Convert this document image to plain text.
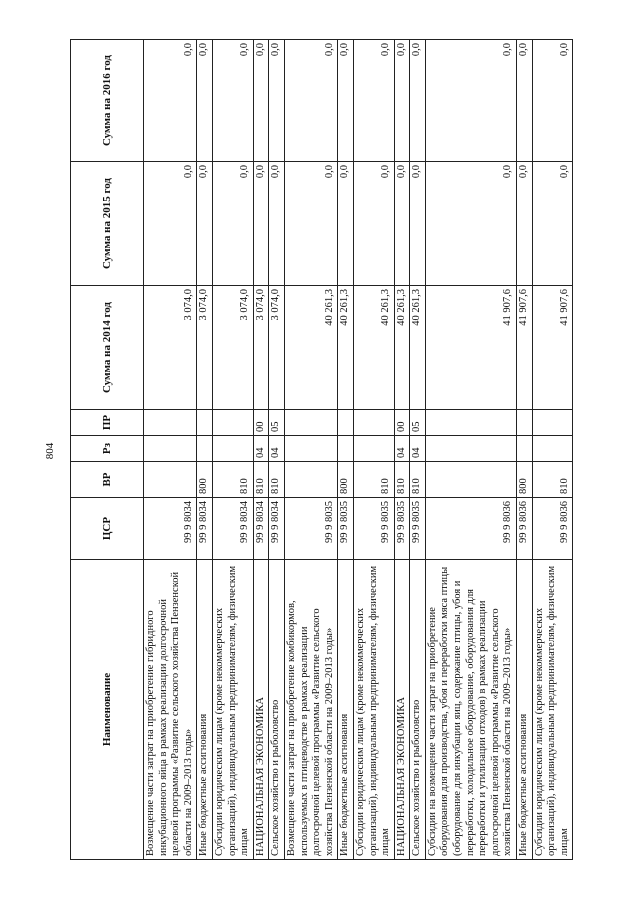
804
Наименование	ЦСР	ВР	Рз	ПР	Сумма на 2014 год	Сумма на 2015 год	Сумма на 2016 год
Возмещение части затрат на приобретение гибридного инкубационного яйца в рамках реализации долгосрочной целевой программы «Развитие сельского хозяйства Пензенской области на 2009–2013 годы»	99 9 8034				3 074,0	0,0	0,0
Иные бюджетные ассигнования	99 9 8034	800			3 074,0	0,0	0,0
Субсидии юридическим лицам (кроме некоммерческих организаций), индивидуальным предпринимателям, физическим лицам	99 9 8034	810			3 074,0	0,0	0,0
НАЦИОНАЛЬНАЯ ЭКОНОМИКА	99 9 8034	810	04	00	3 074,0	0,0	0,0
Сельское хозяйство и рыболовство	99 9 8034	810	04	05	3 074,0	0,0	0,0
Возмещение части затрат на приобретение комбикормов, используемых в птицеводстве в рамках реализации долгосрочной целевой программы «Развитие сельского хозяйства Пензенской области на 2009–2013 годы»	99 9 8035				40 261,3	0,0	0,0
Иные бюджетные ассигнования	99 9 8035	800			40 261,3	0,0	0,0
Субсидии юридическим лицам (кроме некоммерческих организаций), индивидуальным предпринимателям, физическим лицам	99 9 8035	810			40 261,3	0,0	0,0
НАЦИОНАЛЬНАЯ ЭКОНОМИКА	99 9 8035	810	04	00	40 261,3	0,0	0,0
Сельское хозяйство и рыболовство	99 9 8035	810	04	05	40 261,3	0,0	0,0
Субсидии на возмещение части затрат на приобретение оборудования для производства, убоя и переработки мяса птицы (оборудование для инкубации яиц, содержание птицы, убоя и переработки, холодильное оборудование, оборудования для переработки и утилизации отходов) в рамках реализации долгосрочной целевой программы «Развитие сельского хозяйства Пензенской области на 2009–2013 годы»	99 9 8036				41 907,6	0,0	0,0
Иные бюджетные ассигнования	99 9 8036	800			41 907,6	0,0	0,0
Субсидии юридическим лицам (кроме некоммерческих организаций), индивидуальным предпринимателям, физическим лицам	99 9 8036	810			41 907,6	0,0	0,0
